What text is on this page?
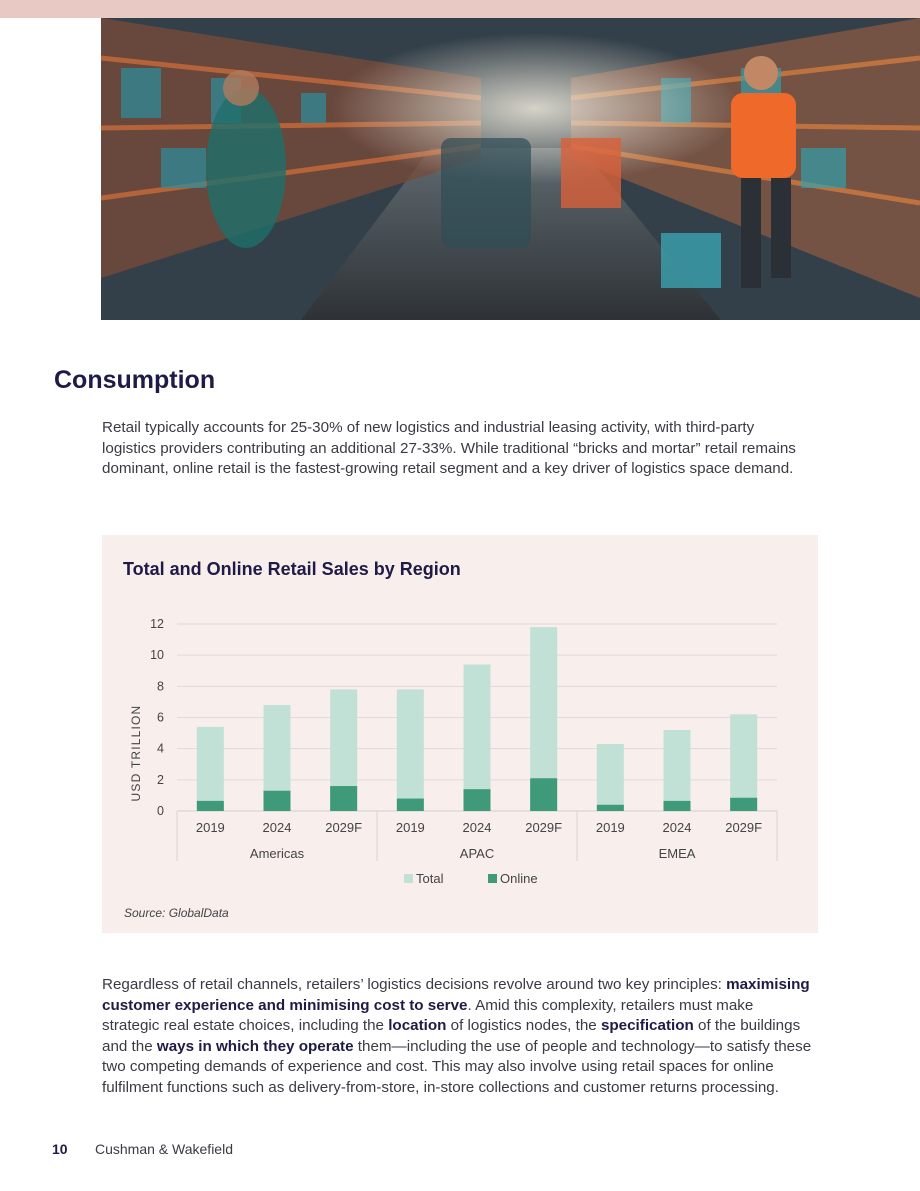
Consumption

Retail typically accounts for 25-30% of new logistics and industrial leasing activity, with third-party logistics providers contributing an additional 27-33%. While traditional “bricks and mortar” retail remains dominant, online retail is the fastest-growing retail segment and a key driver of logistics space demand.

Total and Online Retail Sales by Region
0
2
4
6
8
10
12
USD TRILLION
2019	2024	2029F	2019	2024	2029F	2019	2024	2029F
Americas	APAC	EMEA
Total	Online
Source: GlobalData

Regardless of retail channels, retailers’ logistics decisions revolve around two key principles: maximising customer experience and minimising cost to serve. Amid this complexity, retailers must make strategic real estate choices, including the location of logistics nodes, the specification of the buildings and the ways in which they operate them—including the use of people and technology—to satisfy these two competing demands of experience and cost. This may also involve using retail spaces for online fulfilment functions such as delivery-from-store, in-store collections and customer returns processing.

10 Cushman & Wakefield
